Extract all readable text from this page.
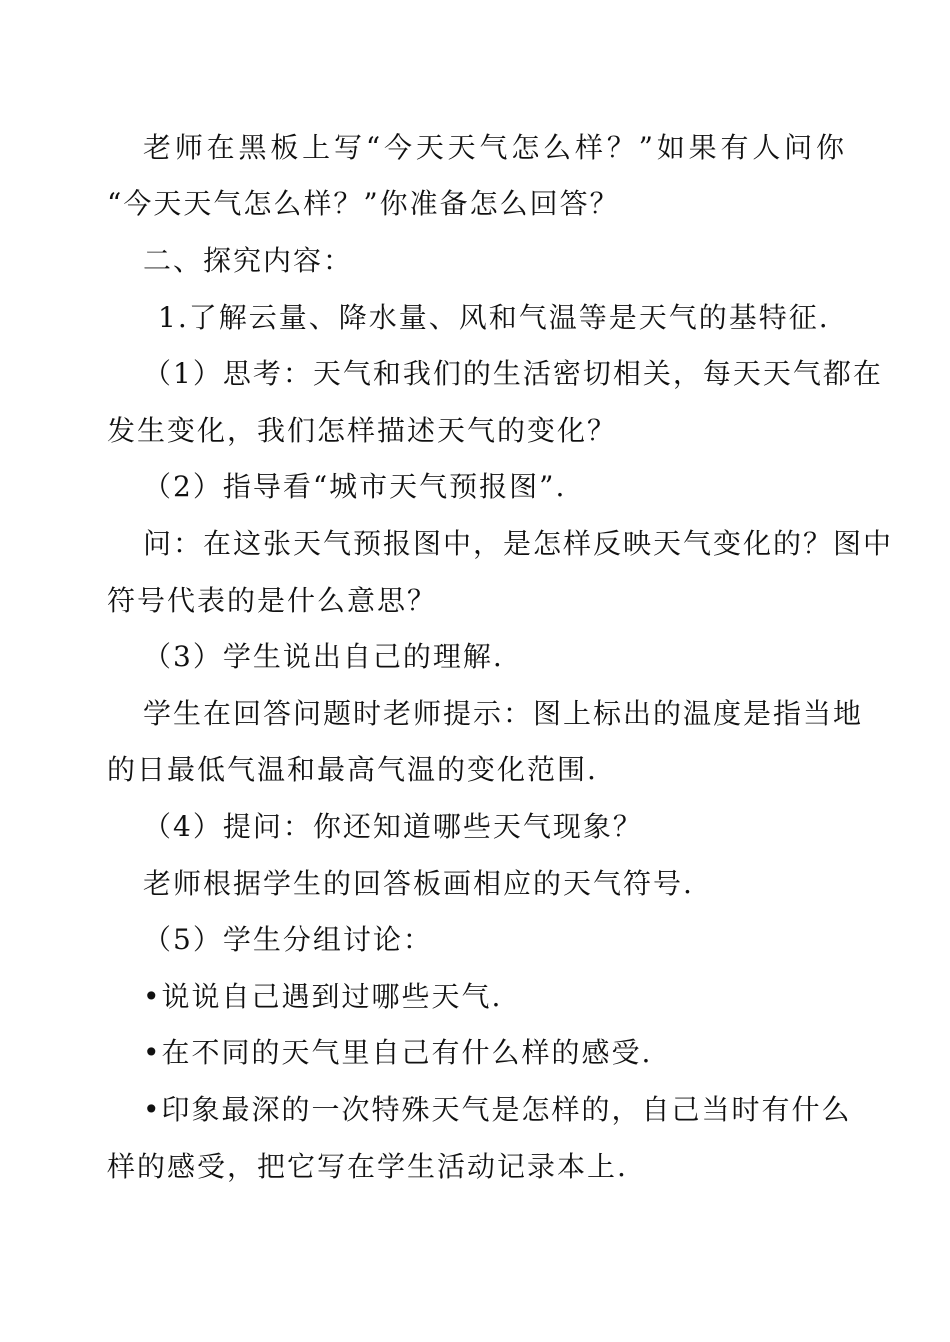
老师在黑板上写“今天天气怎么样？”如果有人问你
“今天天气怎么样？”你准备怎么回答？
二、探究内容：
1.了解云量、降水量、风和气温等是天气的基特征.
（1）思考：天气和我们的生活密切相关，每天天气都在
发生变化，我们怎样描述天气的变化？
（2）指导看“城市天气预报图”.
问：在这张天气预报图中，是怎样反映天气变化的？图中
符号代表的是什么意思？
（3）学生说出自己的理解.
学生在回答问题时老师提示：图上标出的温度是指当地
的日最低气温和最高气温的变化范围.
（4）提问：你还知道哪些天气现象？
老师根据学生的回答板画相应的天气符号.
（5）学生分组讨论：
•说说自己遇到过哪些天气.
•在不同的天气里自己有什么样的感受.
•印象最深的一次特殊天气是怎样的，自己当时有什么
样的感受，把它写在学生活动记录本上.
